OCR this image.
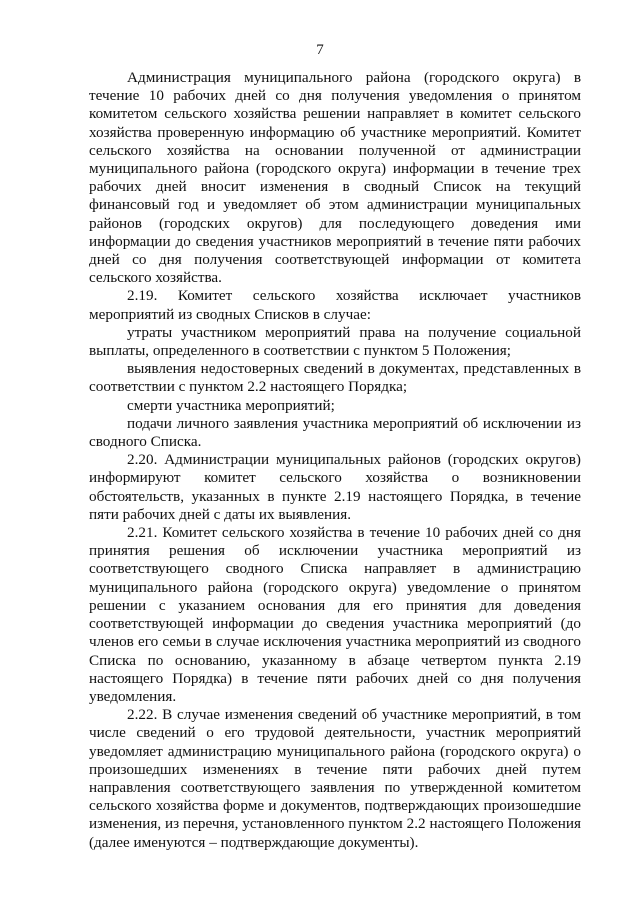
7

Администрация муниципального района (городского округа) в течение 10 рабочих дней со дня получения уведомления о принятом комитетом сельского хозяйства решении направляет в комитет сельского хозяйства проверенную информацию об участнике мероприятий. Комитет сельского хозяйства на основании полученной от администрации муниципального района (городского округа) информации в течение трех рабочих дней вносит изменения в сводный Список на текущий финансовый год и уведомляет об этом администрации муниципальных районов (городских округов) для последующего доведения ими информации до сведения участников мероприятий в течение пяти рабочих дней со дня получения соответствующей информации от комитета сельского хозяйства.

2.19. Комитет сельского хозяйства исключает участников мероприятий из сводных Списков в случае:

утраты участником мероприятий права на получение социальной выплаты, определенного в соответствии с пунктом 5 Положения;

выявления недостоверных сведений в документах, представленных в соответствии с пунктом 2.2 настоящего Порядка;

смерти участника мероприятий;

подачи личного заявления участника мероприятий об исключении из сводного Списка.

2.20. Администрации муниципальных районов (городских округов) информируют комитет сельского хозяйства о возникновении обстоятельств, указанных в пункте 2.19 настоящего Порядка, в течение пяти рабочих дней с даты их выявления.

2.21. Комитет сельского хозяйства в течение 10 рабочих дней со дня принятия решения об исключении участника мероприятий из соответствующего сводного Списка направляет в администрацию муниципального района (городского округа) уведомление о принятом решении с указанием основания для его принятия для доведения соответствующей информации до сведения участника мероприятий (до членов его семьи в случае исключения участника мероприятий из сводного Списка по основанию, указанному в абзаце четвертом пункта 2.19 настоящего Порядка) в течение пяти рабочих дней со дня получения уведомления.

2.22. В случае изменения сведений об участнике мероприятий, в том числе сведений о его трудовой деятельности, участник мероприятий уведомляет администрацию муниципального района (городского округа) о произошедших изменениях в течение пяти рабочих дней путем направления соответствующего заявления по утвержденной комитетом сельского хозяйства форме и документов, подтверждающих произошедшие изменения, из перечня, установленного пунктом 2.2 настоящего Положения (далее именуются – подтверждающие документы).
